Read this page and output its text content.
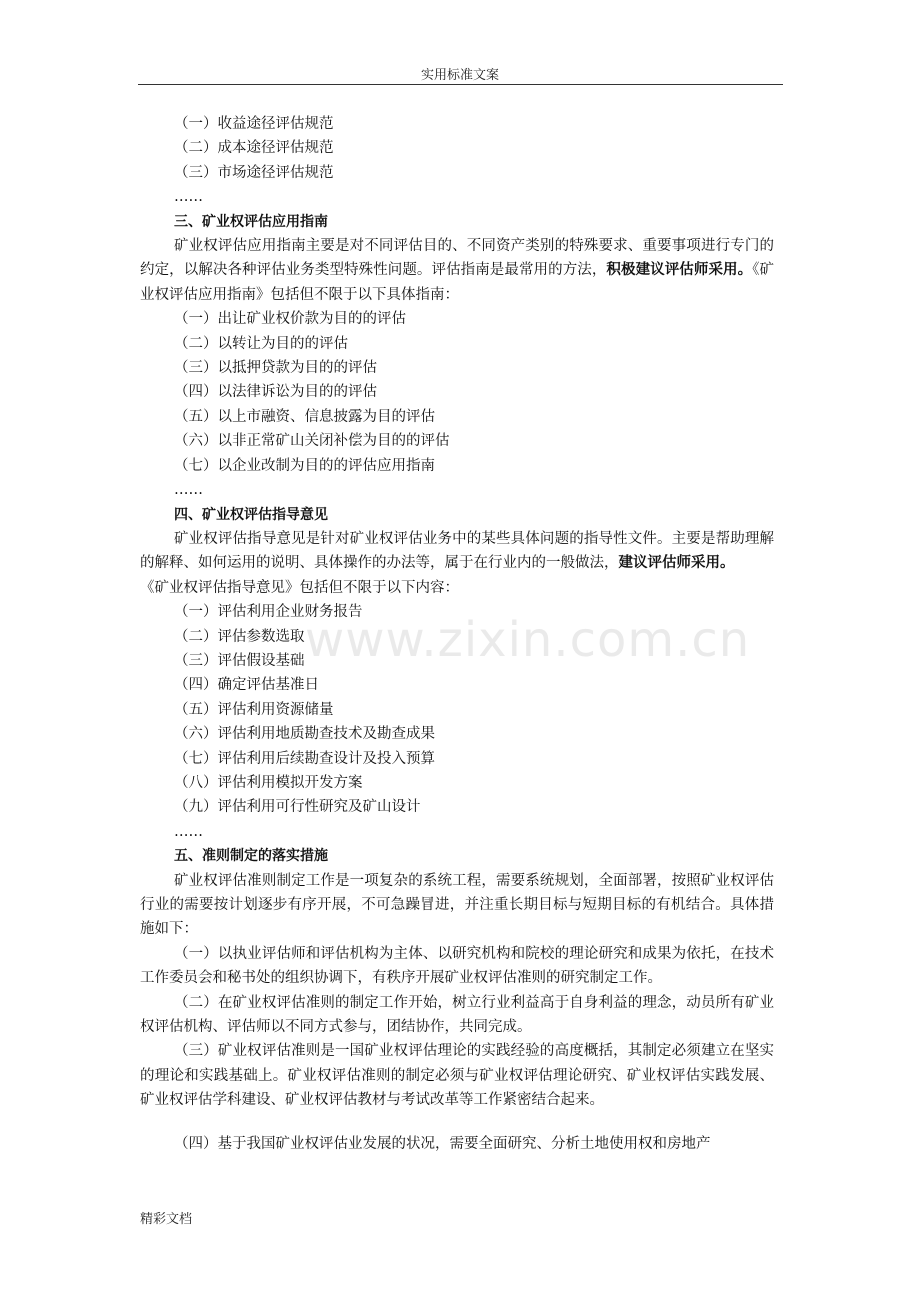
实用标准文案
www.zixin.com.cn

（一）收益途径评估规范

（二）成本途径评估规范

（三）市场途径评估规范

……

三、矿业权评估应用指南

矿业权评估应用指南主要是对不同评估目的、不同资产类别的特殊要求、重要事项进行专门的约定，以解决各种评估业务类型特殊性问题。评估指南是最常用的方法，积极建议评估师采用。《矿业权评估应用指南》包括但不限于以下具体指南：

（一）出让矿业权价款为目的的评估

（二）以转让为目的的评估

（三）以抵押贷款为目的的评估

（四）以法律诉讼为目的的评估

（五）以上市融资、信息披露为目的评估

（六）以非正常矿山关闭补偿为目的的评估

（七）以企业改制为目的的评估应用指南

……

四、矿业权评估指导意见

矿业权评估指导意见是针对矿业权评估业务中的某些具体问题的指导性文件。主要是帮助理解的解释、如何运用的说明、具体操作的办法等，属于在行业内的一般做法，建议评估师采用。

《矿业权评估指导意见》包括但不限于以下内容：

（一）评估利用企业财务报告

（二）评估参数选取

（三）评估假设基础

（四）确定评估基准日

（五）评估利用资源储量

（六）评估利用地质勘查技术及勘查成果

（七）评估利用后续勘查设计及投入预算

（八）评估利用模拟开发方案

（九）评估利用可行性研究及矿山设计

……

五、准则制定的落实措施

矿业权评估准则制定工作是一项复杂的系统工程，需要系统规划，全面部署，按照矿业权评估行业的需要按计划逐步有序开展，不可急躁冒进，并注重长期目标与短期目标的有机结合。具体措施如下：

（一）以执业评估师和评估机构为主体、以研究机构和院校的理论研究和成果为依托，在技术工作委员会和秘书处的组织协调下，有秩序开展矿业权评估准则的研究制定工作。

（二）在矿业权评估准则的制定工作开始，树立行业利益高于自身利益的理念，动员所有矿业权评估机构、评估师以不同方式参与，团结协作，共同完成。

（三）矿业权评估准则是一国矿业权评估理论的实践经验的高度概括，其制定必须建立在坚实的理论和实践基础上。矿业权评估准则的制定必须与矿业权评估理论研究、矿业权评估实践发展、矿业权评估学科建设、矿业权评估教材与考试改革等工作紧密结合起来。

（四）基于我国矿业权评估业发展的状况，需要全面研究、分析土地使用权和房地产

精彩文档
